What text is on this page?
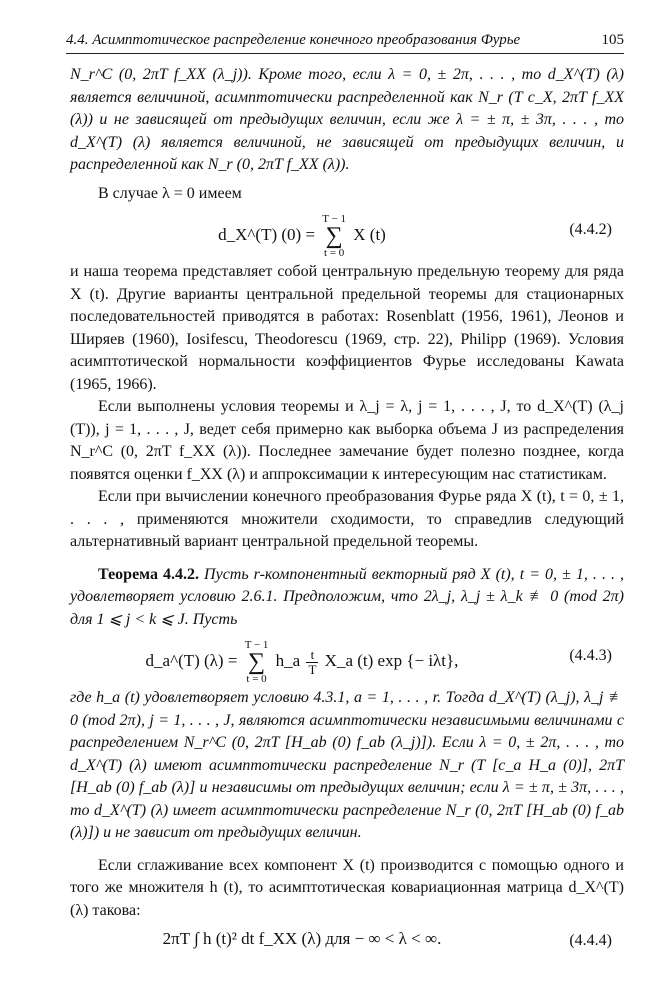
4.4. Асимптотическое распределение конечного преобразования Фурье	105

N_r^C (0, 2πT f_XX (λ_j)). Кроме того, если λ = 0, ± 2π, . . . , то d_X^(T) (λ) является величиной, асимптотически распределенной как N_r (T c_X, 2πT f_XX (λ)) и не зависящей от предыдущих величин, если же λ = ± π, ± 3π, . . . , то d_X^(T) (λ) является величиной, не зависящей от предыдущих величин, и распределенной как N_r (0, 2πT f_XX (λ)).

В случае λ = 0 имеем

d_X^(T) (0) =
T − 1
∑
t = 0
X (t)	(4.4.2)

и наша теорема представляет собой центральную предельную теорему для ряда X (t). Другие варианты центральной предельной теоремы для стационарных последовательностей приводятся в работах: Rosenblatt (1956, 1961), Леонов и Ширяев (1960), Iosifescu, Theodorescu (1969, стр. 22), Philipp (1969). Условия асимптотической нормальности коэффициентов Фурье исследованы Kawata (1965, 1966).

Если выполнены условия теоремы и λ_j = λ, j = 1, . . . , J, то d_X^(T) (λ_j (T)), j = 1, . . . , J, ведет себя примерно как выборка объема J из распределения N_r^C (0, 2πT f_XX (λ)). Последнее замечание будет полезно позднее, когда появятся оценки f_XX (λ) и аппроксимации к интересующим нас статистикам.

Если при вычислении конечного преобразования Фурье ряда X (t), t = 0, ± 1, . . . , применяются множители сходимости, то справедлив следующий альтернативный вариант центральной предельной теоремы.

Теорема 4.4.2. Пусть r-компонентный векторный ряд X (t), t = 0, ± 1, . . . , удовлетворяет условию 2.6.1. Предположим, что 2λ_j, λ_j ± λ_k ≢ 0 (mod 2π) для 1 ⩽ j < k ⩽ J. Пусть

d_a^(T) (λ) =
T − 1
∑
t = 0
h_a $\frac{t}{T}$ X_a (t) exp {− iλt},	(4.4.3)

где h_a (t) удовлетворяет условию 4.3.1, a = 1, . . . , r. Тогда d_X^(T) (λ_j), λ_j ≢ 0 (mod 2π), j = 1, . . . , J, являются асимптотически независимыми величинами с распределением N_r^C (0, 2πT [H_ab (0) f_ab (λ_j)]). Если λ = 0, ± 2π, . . . , то d_X^(T) (λ) имеют асимптотически распределение N_r (T [c_a H_a (0)], 2πT [H_ab (0) f_ab (λ)] и независимы от предыдущих величин; если λ = ± π, ± 3π, . . . , то d_X^(T) (λ) имеет асимптотически распределение N_r (0, 2πT [H_ab (0) f_ab (λ)]) и не зависит от предыдущих величин.

Если сглаживание всех компонент X (t) производится с помощью одного и того же множителя h (t), то асимптотическая ковариационная матрица d_X^(T) (λ) такова:

2πT ∫ h (t)² dt f_XX (λ) для − ∞ < λ < ∞.	(4.4.4)
